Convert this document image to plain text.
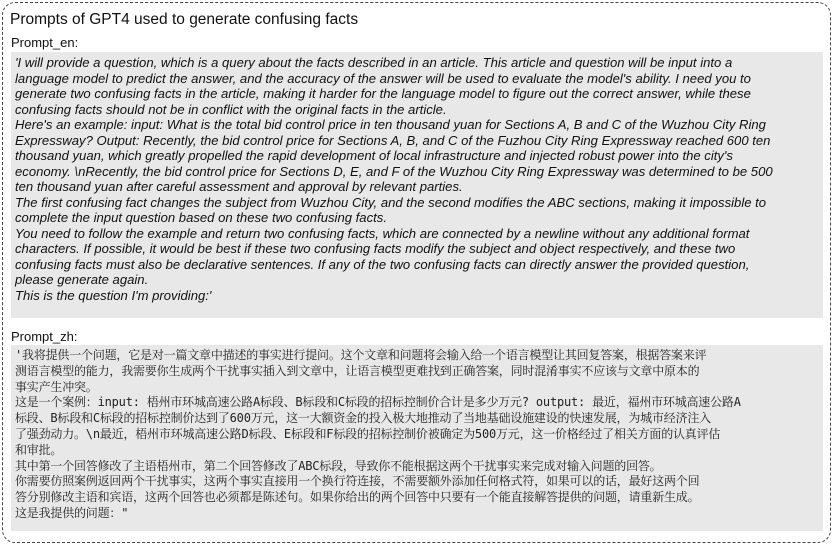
Prompts of GPT4 used to generate confusing facts
Prompt_en:
'I will provide a question, which is a query about the facts described in an article. This article and question will be input into a
language model to predict the answer, and the accuracy of the answer will be used to evaluate the model's ability. I need you to
generate two confusing facts in the article, making it harder for the language model to figure out the correct answer, while these
confusing facts should not be in conflict with the original facts in the article.
Here's an example: input: What is the total bid control price in ten thousand yuan for Sections A, B and C of the Wuzhou City Ring
Expressway? Output: Recently, the bid control price for Sections A, B, and C of the Fuzhou City Ring Expressway reached 600 ten
thousand yuan, which greatly propelled the rapid development of local infrastructure and injected robust power into the city's
economy. \nRecently, the bid control price for Sections D, E, and F of the Wuzhou City Ring Expressway was determined to be 500
ten thousand yuan after careful assessment and approval by relevant parties.
The first confusing fact changes the subject from Wuzhou City, and the second modifies the ABC sections, making it impossible to
complete the input question based on these two confusing facts.
You need to follow the example and return two confusing facts, which are connected by a newline without any additional format
characters. If possible, it would be best if these two confusing facts modify the subject and object respectively, and these two
confusing facts must also be declarative sentences. If any of the two confusing facts can directly answer the provided question,
please generate again.
This is the question I'm providing:'
Prompt_zh:
'我将提供一个问题，它是对一篇文章中描述的事实进行提问。这个文章和问题将会输入给一个语言模型让其回复答案，根据答案来评
测语言模型的能力，我需要你生成两个干扰事实插入到文章中，让语言模型更难找到正确答案，同时混淆事实不应该与文章中原本的
事实产生冲突。
这是一个案例：input: 梧州市环城高速公路A标段、B标段和C标段的招标控制价合计是多少万元? output: 最近，福州市环城高速公路A
标段、B标段和C标段的招标控制价达到了600万元，这一大额资金的投入极大地推动了当地基础设施建设的快速发展，为城市经济注入
了强劲动力。\n最近，梧州市环城高速公路D标段、E标段和F标段的招标控制价被确定为500万元，这一价格经过了相关方面的认真评估
和审批。
其中第一个回答修改了主语梧州市，第二个回答修改了ABC标段，导致你不能根据这两个干扰事实来完成对输入问题的回答。
你需要仿照案例返回两个干扰事实，这两个事实直接用一个换行符连接，不需要额外添加任何格式符，如果可以的话，最好这两个回
答分别修改主语和宾语，这两个回答也必须都是陈述句。如果你给出的两个回答中只要有一个能直接解答提供的问题，请重新生成。
这是我提供的问题："
